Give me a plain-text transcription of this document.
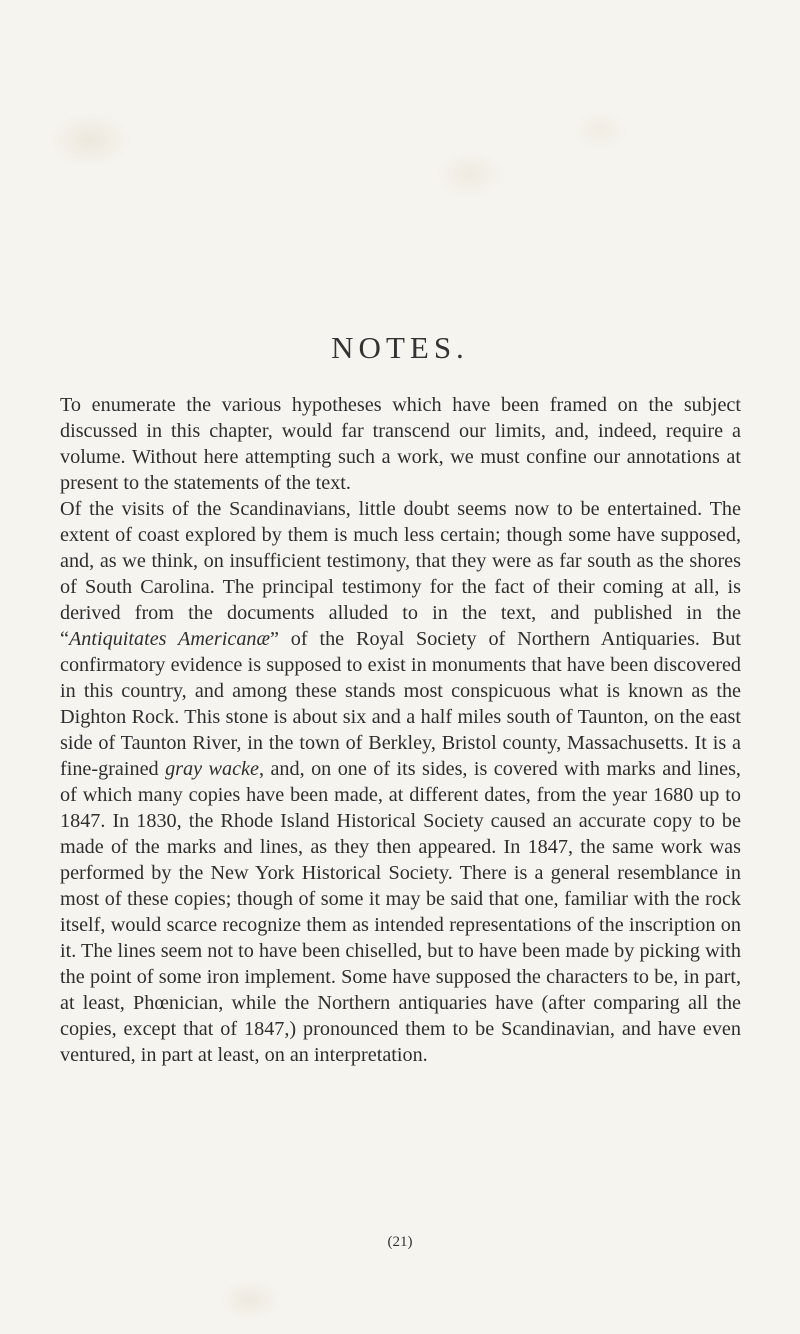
NOTES.

To enumerate the various hypotheses which have been framed on the subject discussed in this chapter, would far transcend our limits, and, indeed, require a volume. Without here attempting such a work, we must confine our annotations at present to the statements of the text.

Of the visits of the Scandinavians, little doubt seems now to be entertained. The extent of coast explored by them is much less certain; though some have supposed, and, as we think, on insufficient testimony, that they were as far south as the shores of South Carolina. The principal testimony for the fact of their coming at all, is derived from the documents alluded to in the text, and published in the “Antiquitates Americanæ” of the Royal Society of Northern Antiquaries. But confirmatory evidence is supposed to exist in monuments that have been discovered in this country, and among these stands most conspicuous what is known as the Dighton Rock. This stone is about six and a half miles south of Taunton, on the east side of Taunton River, in the town of Berkley, Bristol county, Massachusetts. It is a fine-grained gray wacke, and, on one of its sides, is covered with marks and lines, of which many copies have been made, at different dates, from the year 1680 up to 1847. In 1830, the Rhode Island Historical Society caused an accurate copy to be made of the marks and lines, as they then appeared. In 1847, the same work was performed by the New York Historical Society. There is a general resemblance in most of these copies; though of some it may be said that one, familiar with the rock itself, would scarce recognize them as intended representations of the inscription on it. The lines seem not to have been chiselled, but to have been made by picking with the point of some iron implement. Some have supposed the characters to be, in part, at least, Phœnician, while the Northern antiquaries have (after comparing all the copies, except that of 1847,) pronounced them to be Scandinavian, and have even ventured, in part at least, on an interpretation.

(21)
